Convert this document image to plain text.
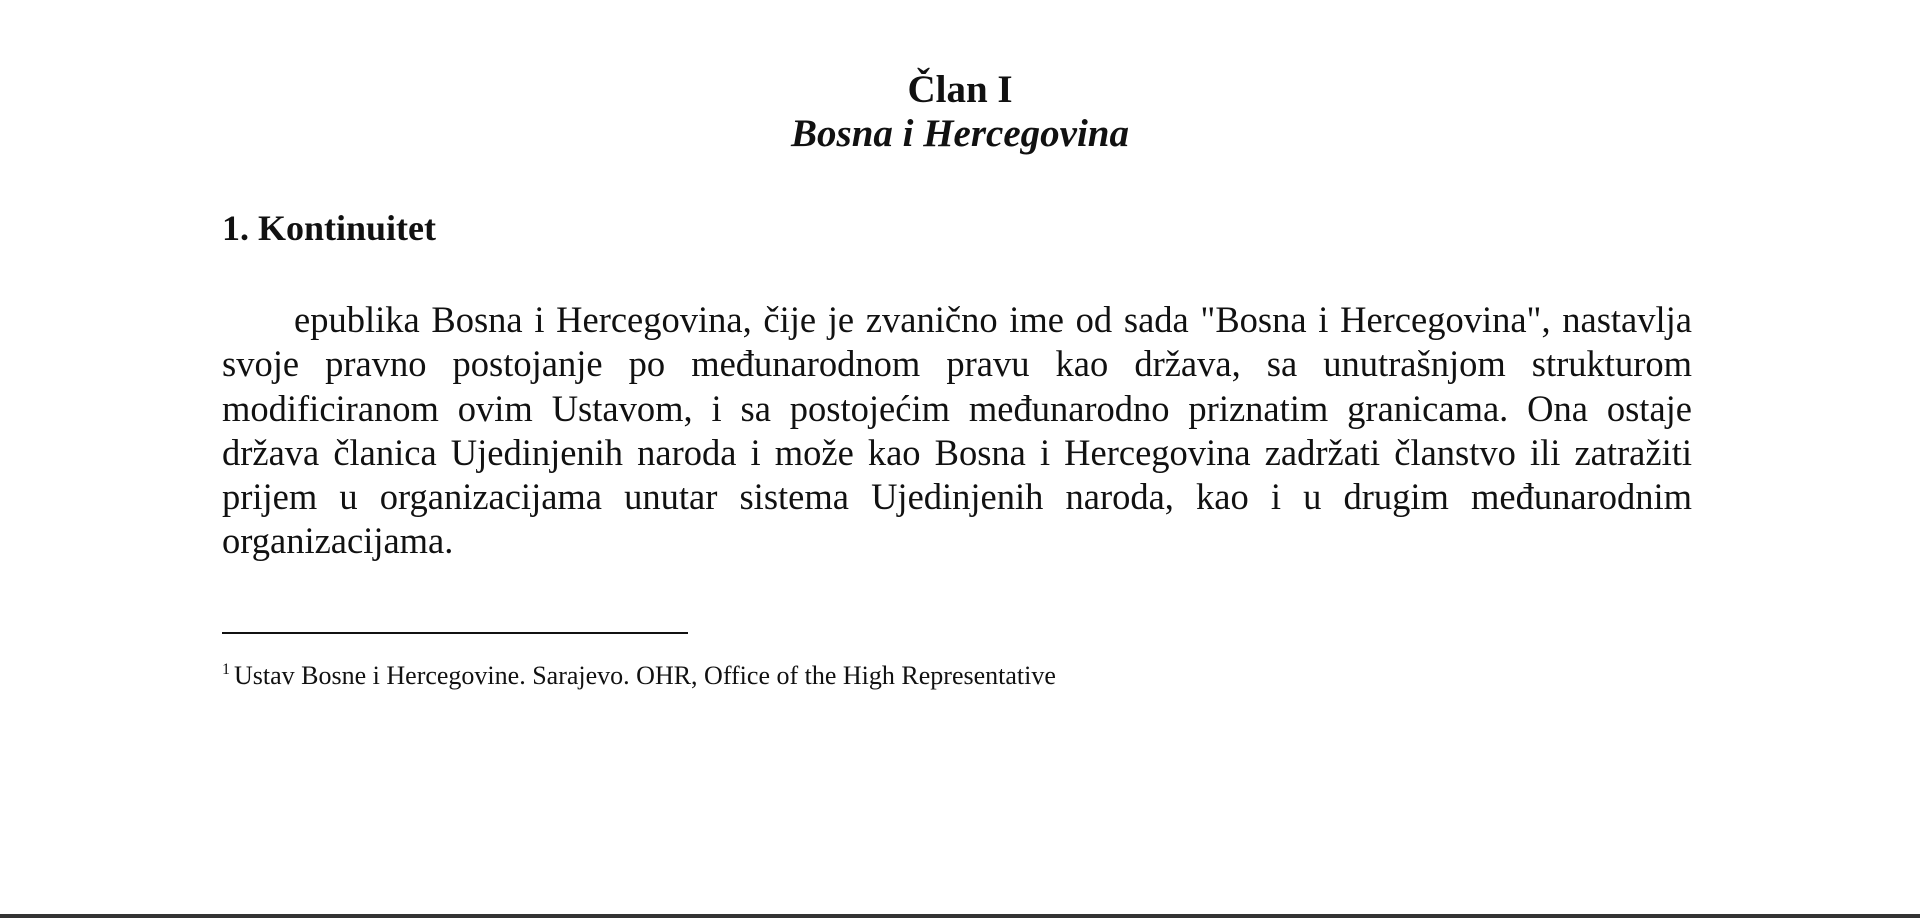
Član I
Bosna i Hercegovina
1. Kontinuitet

epublika Bosna i Hercegovina, čije je zvanično ime od sada "Bosna i Hercegovina", nastavlja svoje pravno postojanje po međunarodnom pravu kao država, sa unutrašnjom strukturom modificiranom ovim Ustavom, i sa postojećim međunarodno priznatim granicama. Ona ostaje država članica Ujedinjenih naroda i može kao Bosna i Hercegovina zadržati članstvo ili zatražiti prijem u organizacijama unutar sistema Ujedinjenih naroda, kao i u drugim međunarodnim organizacijama.

$^1$ Ustav Bosne i Hercegovine. Sarajevo. OHR, Office of the High Representative
